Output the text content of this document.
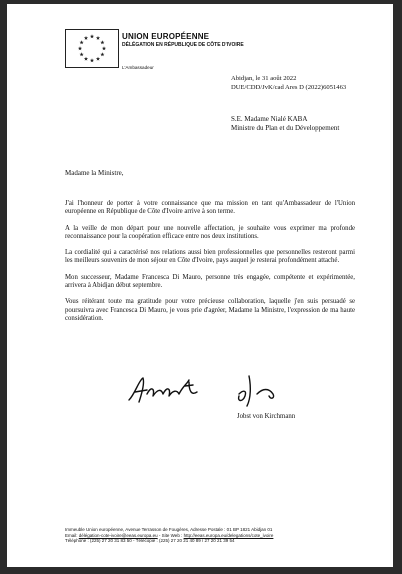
UNION EUROPÉENNE
DÉLÉGATION EN RÉPUBLIQUE DE CÔTE D'IVOIRE
L'Ambassadeur
Abidjan, le 31 août 2022
DUE/CDD/JvK/cad Ares D (2022)6051463
S.E. Madame Nialé KABA
Ministre du Plan et du Développement
Madame la Ministre,

J'ai l'honneur de porter à votre connaissance que ma mission en tant qu'Ambassadeur de l'Union européenne en République de Côte d'Ivoire arrive à son terme.

A la veille de mon départ pour une nouvelle affectation, je souhaite vous exprimer ma profonde reconnaissance pour la coopération efficace entre nos deux institutions.

La cordialité qui a caractérisé nos relations aussi bien professionnelles que personnelles resteront parmi les meilleurs souvenirs de mon séjour en Côte d'Ivoire, pays auquel je resterai profondément attaché.

Mon successeur, Madame Francesca Di Mauro, personne très engagée, compétente et expérimentée, arrivera à Abidjan début septembre.

Vous réitérant toute ma gratitude pour votre précieuse collaboration, laquelle j'en suis persuadé se poursuivra avec Francesca Di Mauro, je vous prie d'agréer, Madame la Ministre, l'expression de ma haute considération.

Jobst von Kirchmann
Immeuble Union européenne, Avenue Terrasson de Fougères, Adresse Postale : 01 BP 1821 Abidjan 01
Email: délégation-cote-ivoire@eeas.europa.eu - Site Web : http://eeas.europa.eu/delegations/cote_ivoire
Téléphone : (225) 27 20 31 83 50 - Télécopie : (225) 27 20 21 40 89 / 27 20 21 39 54
